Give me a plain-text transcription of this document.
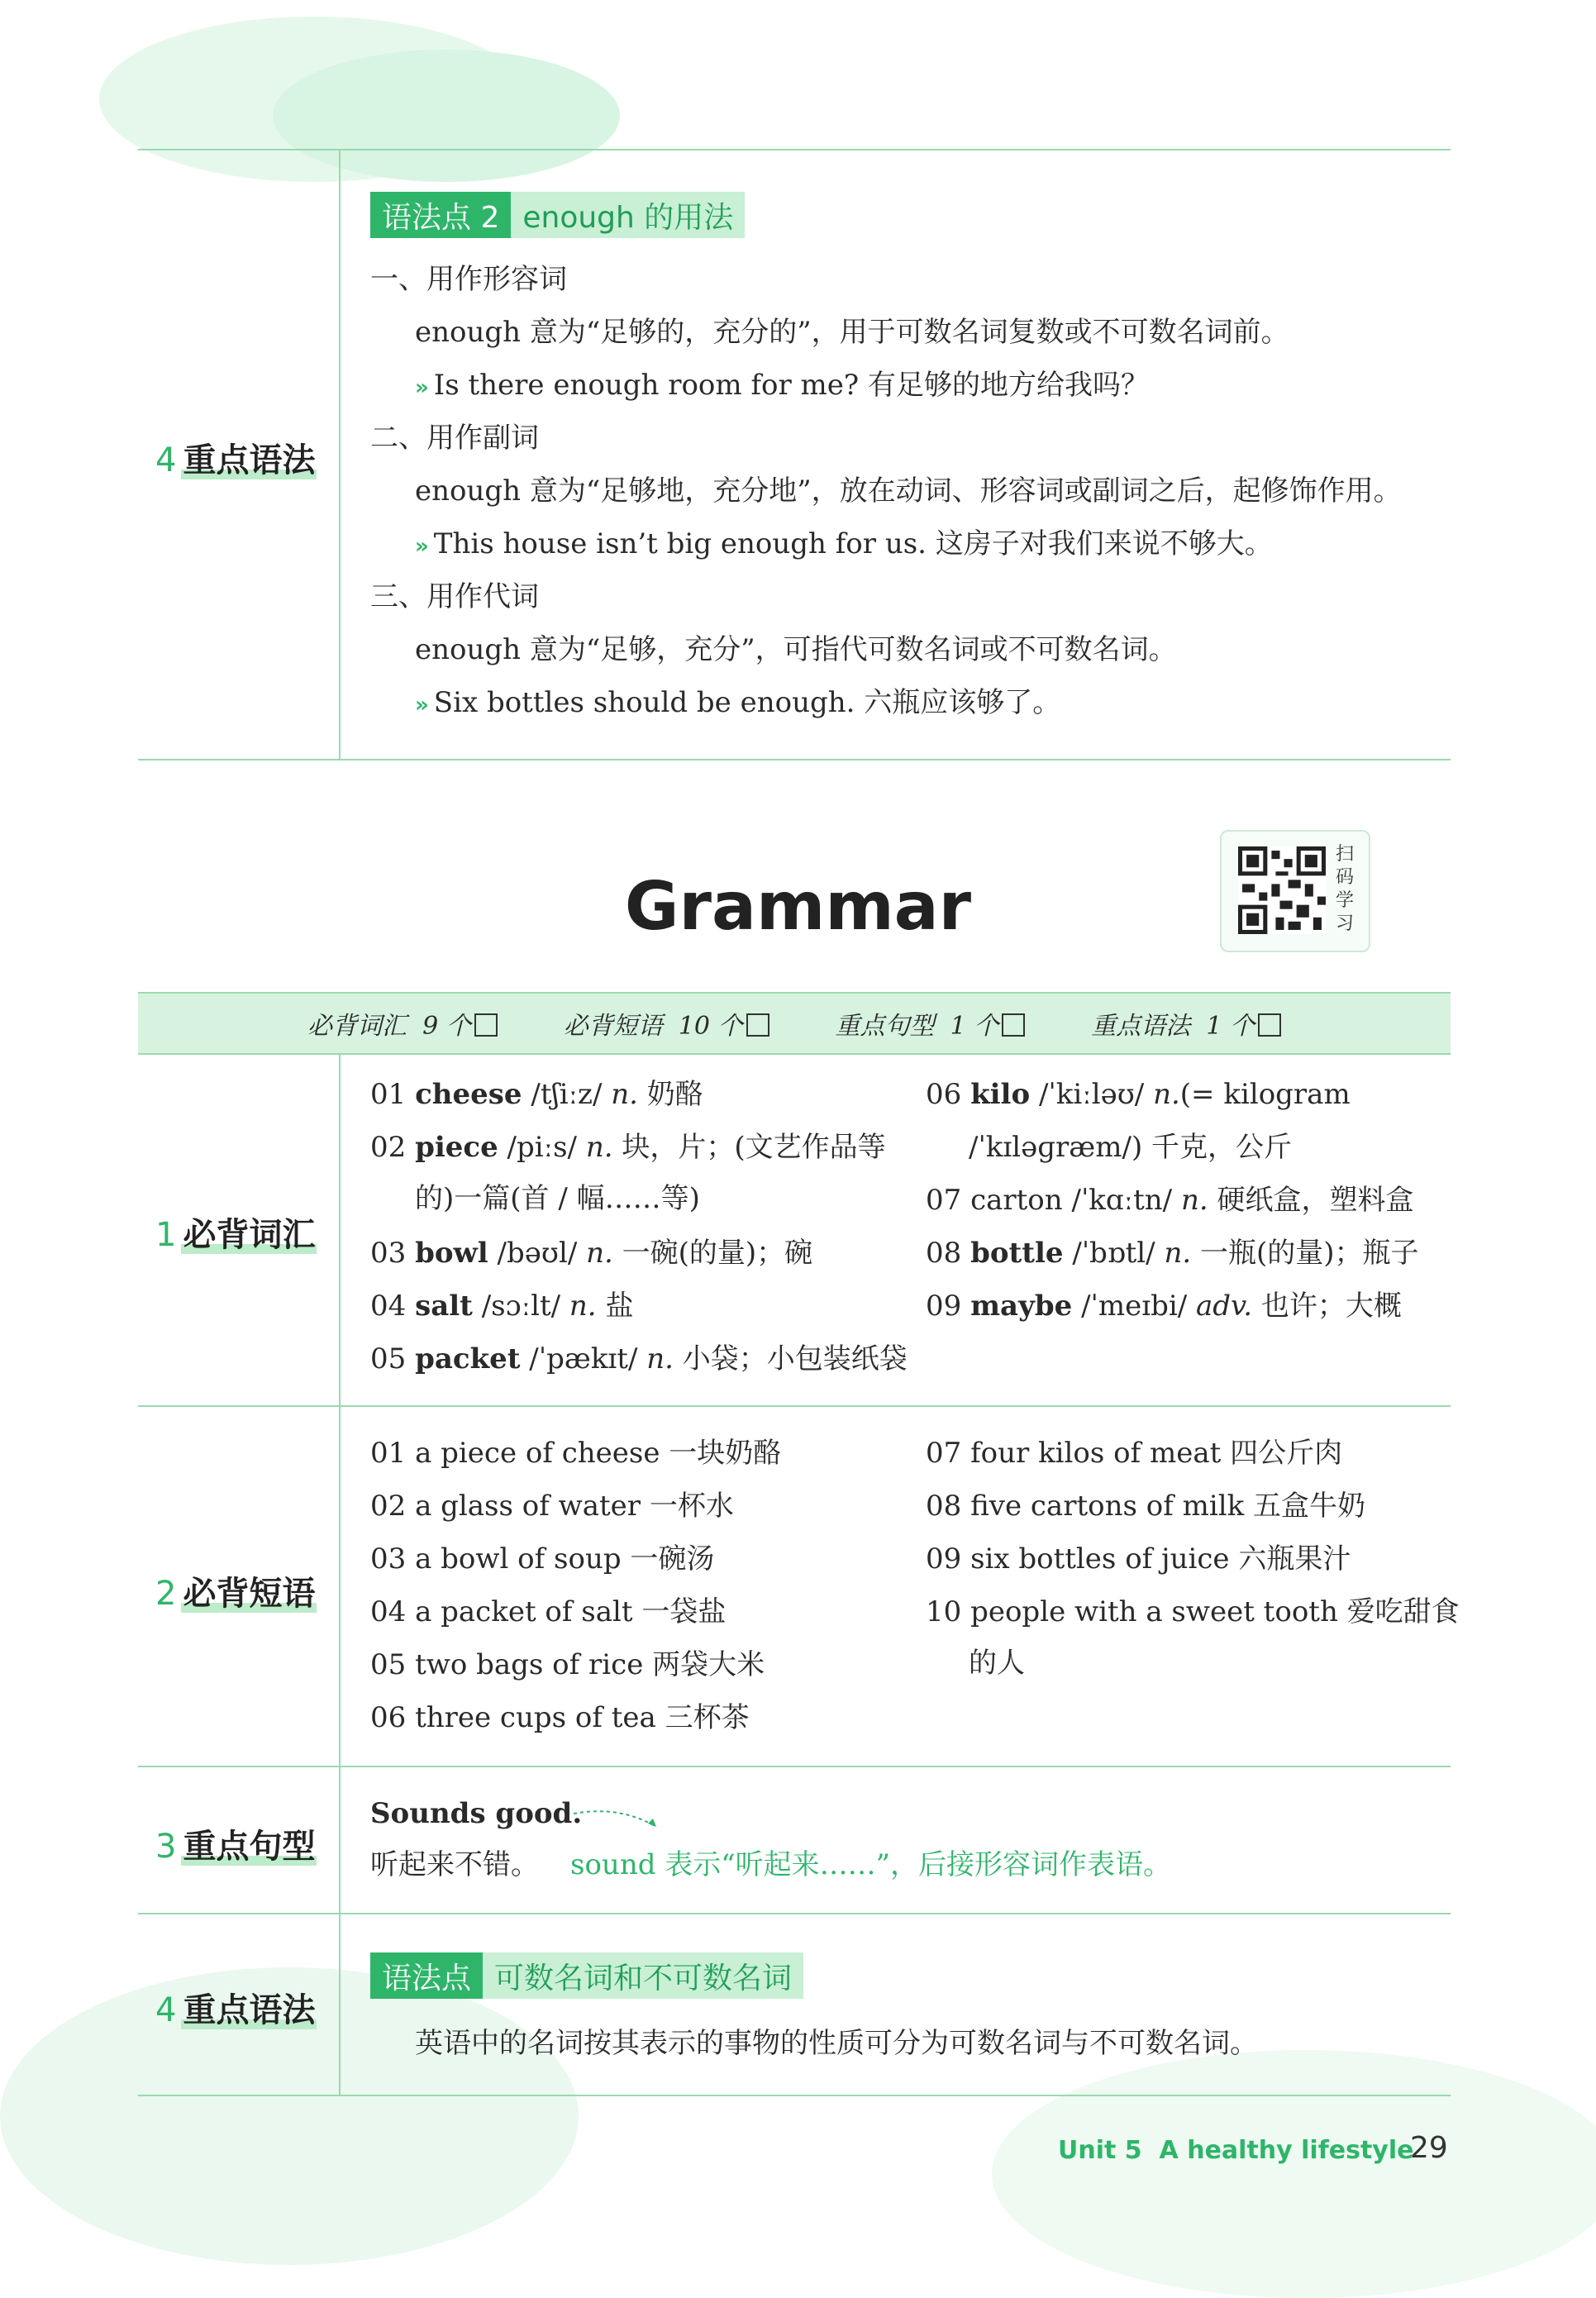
4 重点语法
语法点 2 enough 的用法
一、用作形容词
enough 意为“足够的，充分的”，用于可数名词复数或不可数名词前。
» Is there enough room for me? 有足够的地方给我吗？
二、用作副词
enough 意为“足够地，充分地”，放在动词、形容词或副词之后，起修饰作用。
» This house isn’t big enough for us. 这房子对我们来说不够大。
三、用作代词
enough 意为“足够，充分”，可指代可数名词或不可数名词。
» Six bottles should be enough. 六瓶应该够了。
Grammar
扫码学习
必背词汇 9 个	必背短语 10 个	重点句型 1 个	重点语法 1 个
1 必背词汇
01 cheese /tʃiːz/ n. 奶酪
02 piece /piːs/ n. 块，片；(文艺作品等
的)一篇(首 / 幅……等)
03 bowl /bəʊl/ n. 一碗(的量)；碗
04 salt /sɔːlt/ n. 盐
05 packet /ˈpækɪt/ n. 小袋；小包装纸袋
06 kilo /ˈkiːləʊ/ n.(= kilogram
/ˈkɪləɡræm/) 千克，公斤
07 carton /ˈkɑːtn/ n. 硬纸盒，塑料盒
08 bottle /ˈbɒtl/ n. 一瓶(的量)；瓶子
09 maybe /ˈmeɪbi/ adv. 也许；大概
2 必背短语
01 a piece of cheese 一块奶酪
02 a glass of water 一杯水
03 a bowl of soup 一碗汤
04 a packet of salt 一袋盐
05 two bags of rice 两袋大米
06 three cups of tea 三杯茶
07 four kilos of meat 四公斤肉
08 five cartons of milk 五盒牛奶
09 six bottles of juice 六瓶果汁
10 people with a sweet tooth 爱吃甜食
的人
3 重点句型
Sounds good.
听起来不错。 sound 表示“听起来……”，后接形容词作表语。
4 重点语法
语法点 可数名词和不可数名词
英语中的名词按其表示的事物的性质可分为可数名词与不可数名词。
Unit 5  A healthy lifestyle
29
